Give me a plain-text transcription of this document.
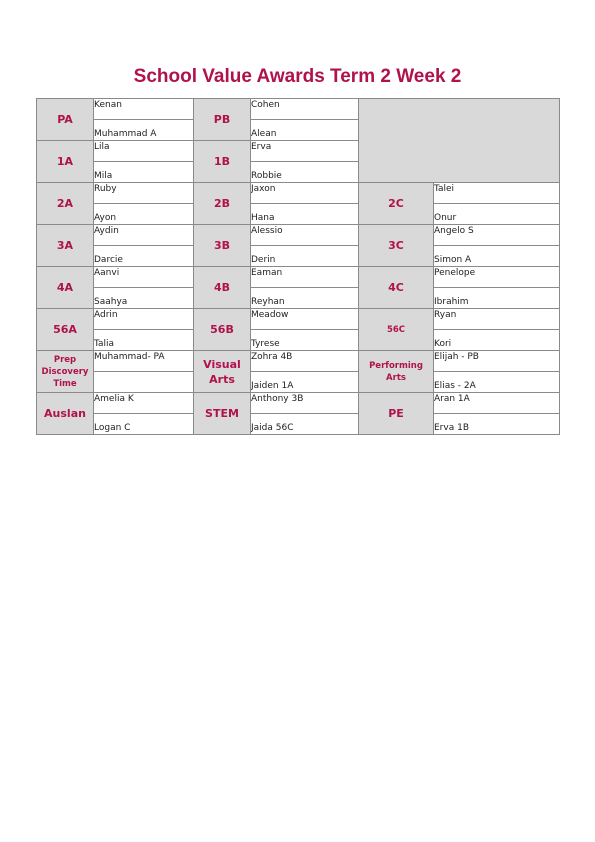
School Value Awards Term 2 Week 2
PA	Kenan	PB	Cohen		
	Muhammad A		Alean		
1A	Lila	1B	Erva		
	Mila		Robbie		
2A	Ruby	2B	Jaxon	2C	Talei
	Ayon		Hana		Onur
3A	Aydin	3B	Alessio	3C	Angelo S
	Darcie		Derin		Simon A
4A	Aanvi	4B	Eaman	4C	Penelope
	Saahya		Reyhan		Ibrahim
56A	Adrin	56B	Meadow	56C	Ryan
	Talia		Tyrese		Kori
Prep Discovery Time	Muhammad- PA	Visual Arts	Zohra 4B	Performing Arts	Elijah - PB
			Jaiden 1A		Elias - 2A
Auslan	Amelia K	STEM	Anthony 3B	PE	Aran 1A
	Logan C		Jaida 56C		Erva 1B
